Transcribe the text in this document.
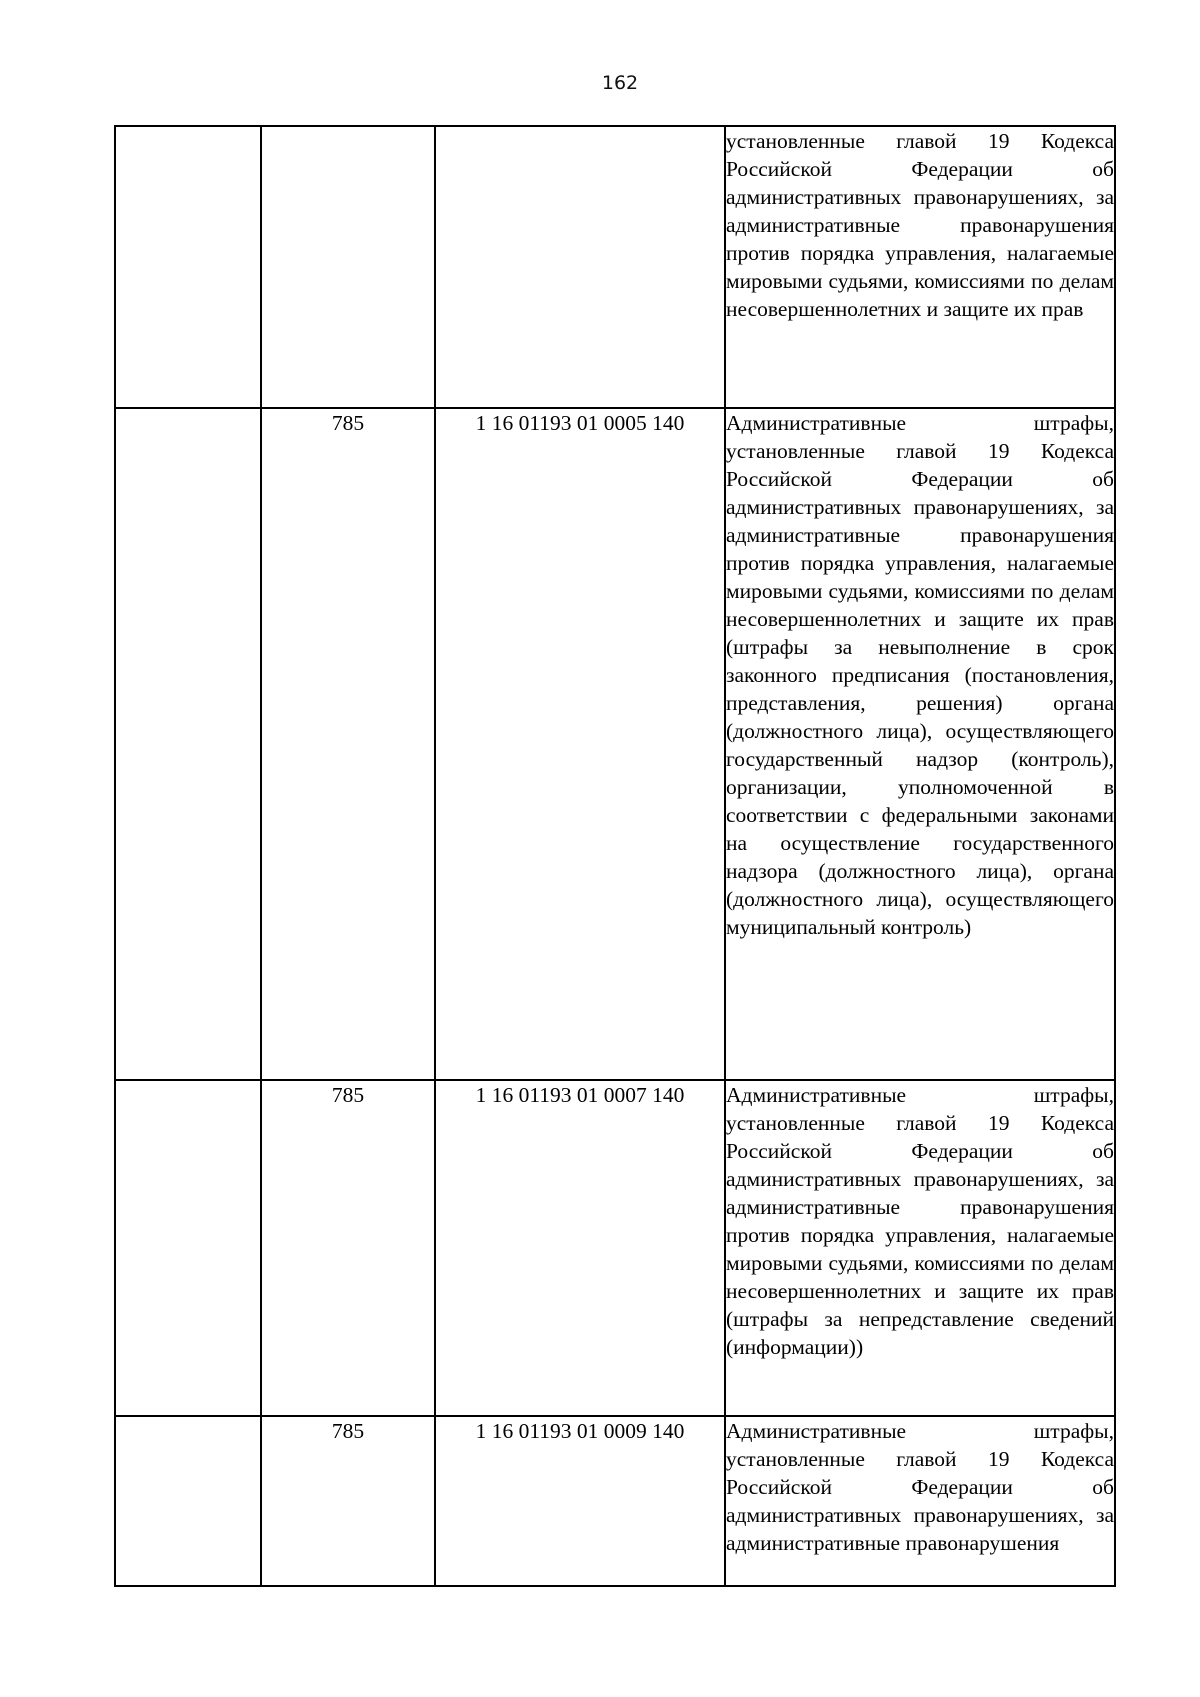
162

			установленные главой 19 Кодекса Российской Федерации об административных правонарушениях, за административные правонарушения против порядка управления, налагаемые мировыми судьями, комиссиями по делам несовершеннолетних и защите их прав

	785	1 16 01193 01 0005 140	Административные штрафы, установленные главой 19 Кодекса Российской Федерации об административных правонарушениях, за административные правонарушения против порядка управления, налагаемые мировыми судьями, комиссиями по делам несовершеннолетних и защите их прав (штрафы за невыполнение в срок законного предписания (постановления, представления, решения) органа (должностного лица), осуществляющего государственный надзор (контроль), организации, уполномоченной в соответствии с федеральными законами на осуществление государственного надзора (должностного лица), органа (должностного лица), осуществляющего муниципальный контроль)

	785	1 16 01193 01 0007 140	Административные штрафы, установленные главой 19 Кодекса Российской Федерации об административных правонарушениях, за административные правонарушения против порядка управления, налагаемые мировыми судьями, комиссиями по делам несовершеннолетних и защите их прав (штрафы за непредставление сведений (информации))

	785	1 16 01193 01 0009 140	Административные штрафы, установленные главой 19 Кодекса Российской Федерации об административных правонарушениях, за административные правонарушения
